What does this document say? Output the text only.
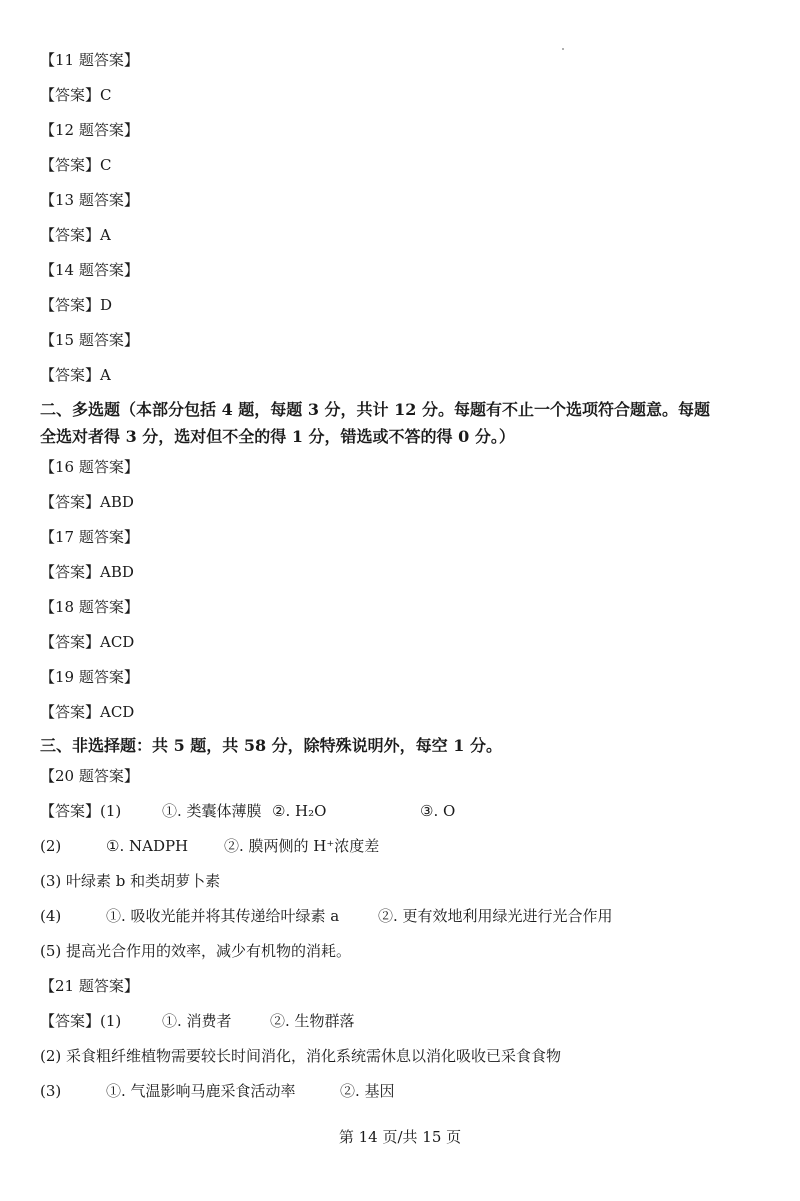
【11 题答案】
【答案】C
【12 题答案】
【答案】C
【13 题答案】
【答案】A
【14 题答案】
【答案】D
【15 题答案】
【答案】A
二、多选题（本部分包括 4 题，每题 3 分，共计 12 分。每题有不止一个选项符合题意。每题
全选对者得 3 分，选对但不全的得 1 分，错选或不答的得 0 分。）
【16 题答案】
【答案】ABD
【17 题答案】
【答案】ABD
【18 题答案】
【答案】ACD
【19 题答案】
【答案】ACD
三、非选择题：共 5 题，共 58 分，除特殊说明外，每空 1 分。
【20 题答案】
【答案】(1)	①. 类囊体薄膜 ②. H₂O	③. O
(2)	①. NADPH ②. 膜两侧的 H⁺浓度差
(3) 叶绿素 b 和类胡萝卜素
(4)	①. 吸收光能并将其传递给叶绿素 a	②. 更有效地利用绿光进行光合作用
(5) 提高光合作用的效率，减少有机物的消耗。
【21 题答案】
【答案】(1)	①. 消费者	②. 生物群落
(2) 采食粗纤维植物需要较长时间消化，消化系统需休息以消化吸收已采食食物
(3)	①. 气温影响马鹿采食活动率	②. 基因
第 14 页/共 15 页
